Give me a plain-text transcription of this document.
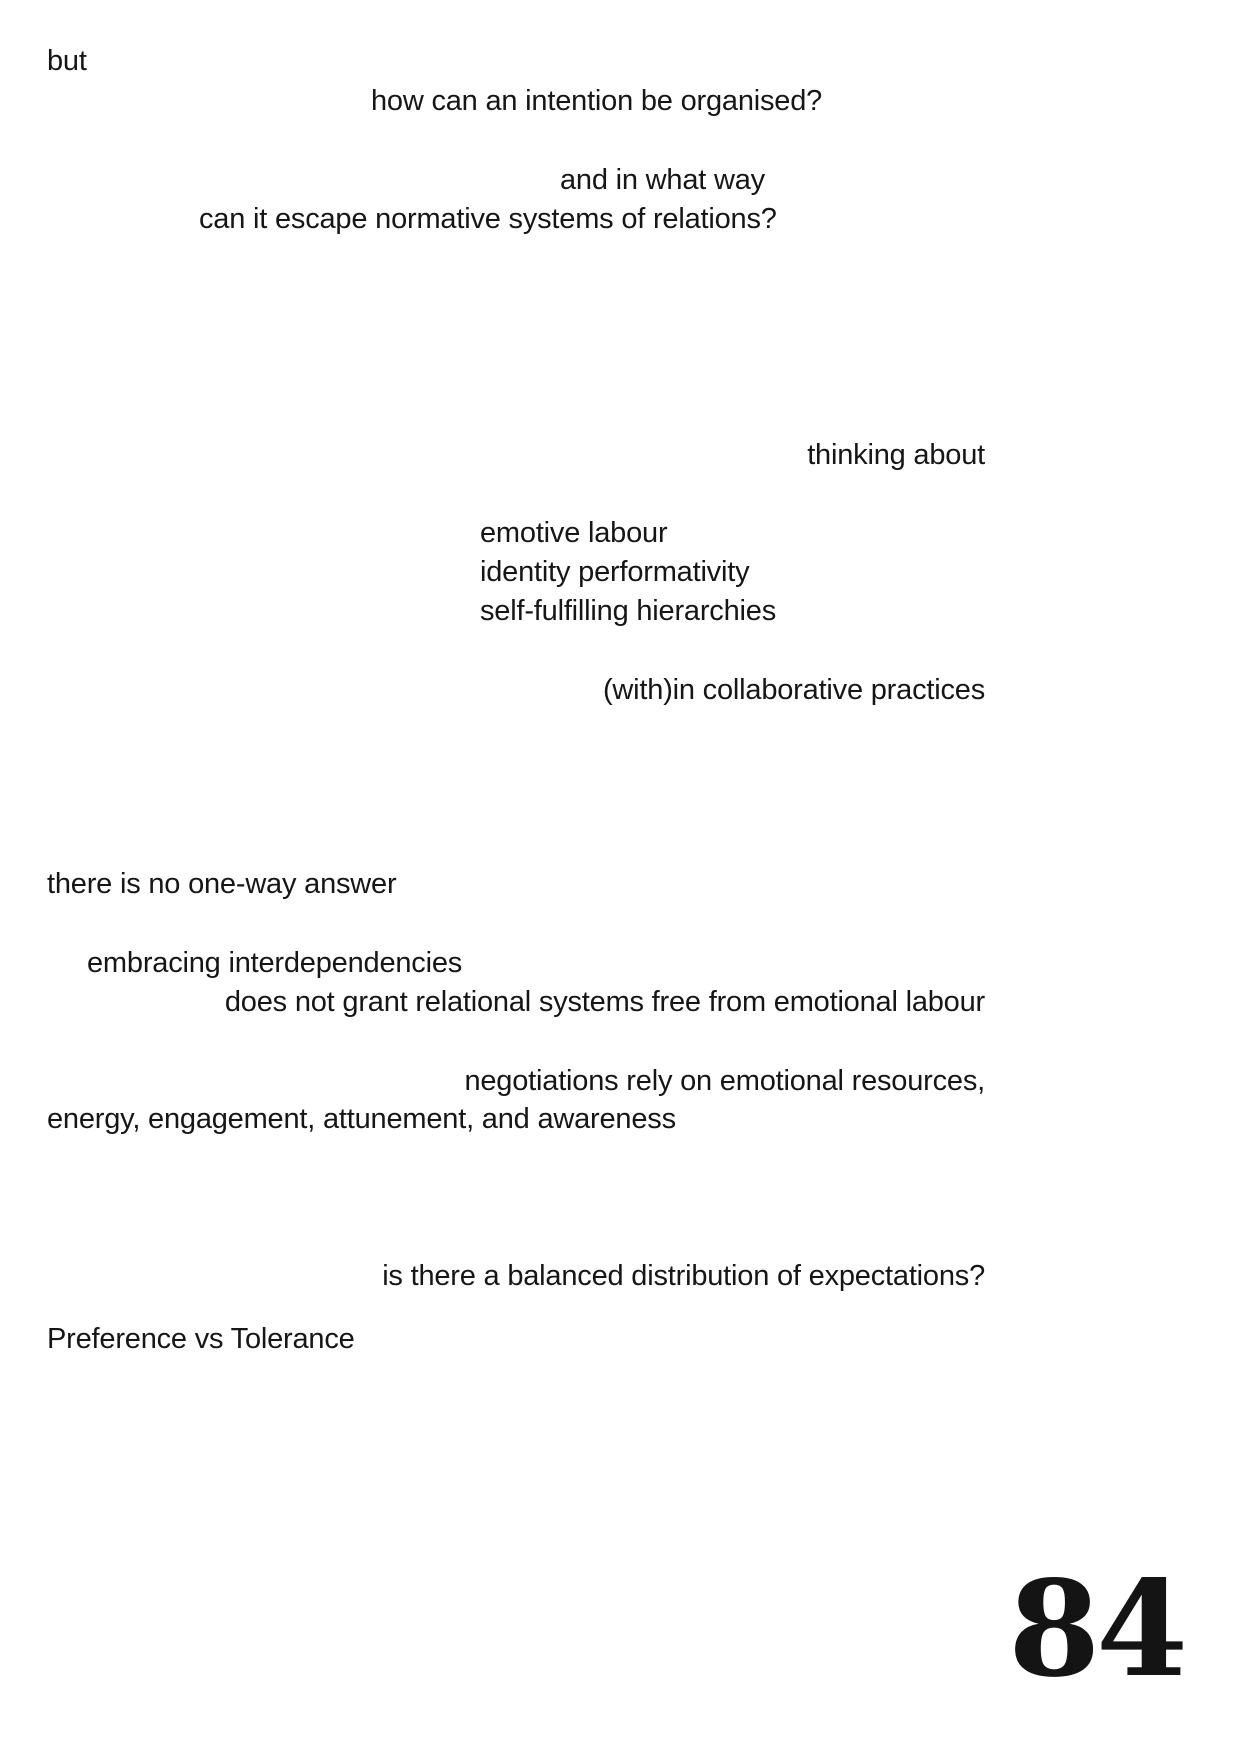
but
how can an intention be organised?
and in what way
can it escape normative systems of relations?
thinking about
emotive labour
identity performativity
self-fulfilling hierarchies
(with)in collaborative practices
there is no one-way answer
embracing interdependencies
does not grant relational systems free from emotional labour
negotiations rely on emotional resources,
energy, engagement, attunement, and awareness
is there a balanced distribution of expectations?
Preference vs Tolerance
84
